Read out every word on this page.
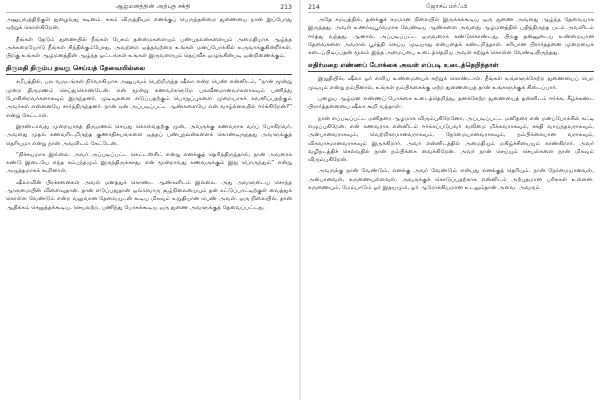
ஆழ்மனத்தின் அற்புத சக்தி	213

அனுபவத்திற்குள் நுழைவது கடினம். சுகம் விருத்தியும் எனக்குப் பெருந்தன்மை துணையை நான் இப்போது ஏற்றுக் கொள்கிறேன்.

நீங்கள் தேடும் துணையில் நீங்கள் பேசும் தன்மைகளையும் பண்புநலன்களையும் அமைதியாக ஆழ்ந்த அக்கறையோடு நீங்கள் சிந்திக்கும்போது, அவற்றை ஒத்தவற்றை உங்கள் மனப்போக்கில் உருவாக்குகின்றீர்கள். பிறகு உங்கள் ஆழ்மனத்தின் ஆழ்ந்த ஓட்டங்கள் உங்கள் இருவரையும் தெய்வீக ஒழுங்கின்படி ஒன்றிணைக்கும்.

திருமதி திரும்ப தவறு செய்யத் தேவையில்லை

சமீபத்தில், பல வருடங்கள் நிர்வாகியாக அனுபவம் பெற்றிருந்த ஷீலா என்ற பெண் என்னிடம், “நான் மூன்று முறை திருமணம் செய்துகொண்டேன். என் மூன்று கணவர்களுமே பலவீனமானவர்களாகவும் பணிந்து போகின்றவர்களாகவும் இருந்தனர். முடிவுகளை எடுப்பதற்கும் பொறுப்புகளை முறையாகக் கவனிப்பதற்கும் அவர்கள் என்னையே சார்ந்திருந்தனர். நான் ஏன் அப்படிப்பட்ட ஆண்களையே என் வாழ்க்கையில் ஈர்க்கிறேன்?” என்று கேட்டாள்.

இரண்டாவது முறையாகத் திருமணம் செய்து கொள்வதற்கு முன், அவருக்கு கணவராக வரப் போகிறவர், அவளது முதல் கணவரிடமிருந்த குணாதிசயங்களை ஒத்தப் பண்புநலன்களைக் கொண்டிருந்தது அவளுக்குத் தெரியுமா என்று நான் அவளிடம் கேட்டேன்.

“நிச்சயமாக இல்லை. அவர் அப்படிப்பட்ட கெட்டஸ்கிட் என்று எனக்குத் தெரிந்திருந்தால், நான் அவரைக் கண்டு இடையே எந்த சம்பந்தமும் இருந்திருக்காது. என் மூன்றாவது கணவருக்கும் இது பொருந்தும்” என்று அழுத்தமாகக் கூறினாள்.

ஷீலாவின் பிரச்சனைகள் அவள் மனத்துக் கொண்ட ஆண்களிடம் இல்லை. அது அவளுடைய சொந்த ஆளுமையின் விளைவுதான். தான் எடுப்பதுதான் ஒவ்வொரு சூழ்நிலையையும் தன் கட்டுப்பாட்டிற்குள் வைத்துக் கொள்ள வேண்டும் என்ற வலுவான தேவையுடன் கூடிய மிகவும் உறுதியான பெண் அவள். ஒரு நிலையில், தான் ஆதிக்கம் செலுத்தக்கூடிய, செயலற்ற, பணிந்து போகக்கூடிய ஒரு துணை அவளுக்குத் தேவைப்பட்டது.

214	ஜோசப் மர்ஃபி

அதே சமயத்தில், தனக்குச் சமமான நிலையில் இருக்கக்கூடிய ஒரு துணை அவளது ஆழ்ந்த தேவையாக இருந்தது. அவள் உணர்வுபூர்வமாக வேண்டிய ஆண்களை அவளது ஆழ்மனத்தில் பதிந்திருந்த படம் அவளிடம் ஈர்த்து வந்தது. ஆனால், அப்படிப்பட்ட ஒருவரைக் கண்டுகொண்டது, பிறகு தன்னுடைய உண்மையான தேவைகளை அவரால் பூர்த்தி செய்ய முடியாது என்பதைக் கண்டறிந்தாள். சரியான பிரார்த்தனை முறையைக் கடைப்பிடிப்பதன் மூலம் இந்த அமைப்பை உடைத்தெறிய அவள் கற்றுக் கொள்ள வேண்டியிருந்தது.

எதிர்மறை எண்ணப் போக்கை அவள் எப்படி உடைத்தெறிந்தாள்

இறுதியில், ஷீலா ஓர் எளிய உண்மையைக் கற்றுக் கொண்டாள். நீங்கள் உங்களுக்கேற்ற துணையைப் பெற முடியும் என்று நம்பினால், உங்கள் நம்பிக்கைக்கு ஏற்ற துணையைத் தான் உங்களுக்குக் கிடைப்பார்.

பழைய ஆழ்மன எண்ணப் போக்கை உடைத்தெறிந்து, தனக்கேற்ற துணையைத் தன்னிடம் ஈர்க்க, கீழ்க்கண்ட பிரார்த்தனையை ஷீலா கூறி வந்தாள்:

நான் எப்படிப்பட்ட மனிதரை ஆழமாக விரும்புகிறேனோ, அப்படிப்பட்ட மனிதரை என் மனப்போக்கில் கட்டி எழுப்புகிறேன். என் கணவராக என்னிடம் ஈர்க்கப்படுபவர் வலிமை மிக்கவராகவும், சக்தி வாய்ந்தவராகவும், அன்பானவராகவும், வெற்றிகரமானவராகவும், நேர்மையானவராகவும், நம்பிக்கையான வராகவும், விசுவாசமானவராகவும் இருக்கிறார். அவர் என்னிடத்தில் அமைதியும் மகிழ்ச்சியையும் காண்கிறார். அவர் வழிநடத்திச் செல்வதில் நான் நம்பிக்கை வைக்கிறேன். அவர் நான் செய்யும் செயல்களை நான் மிகவும் விரும்புகிறேன்.

அவருக்கு நான் வேண்டும், எனக்கு அவர் வேண்டும் என்பது எனக்குத் தெரியும். நான் நேர்மையானவள், அன்பானவள், கருணையுள்ளவள். அவருக்குக் கொடுப்பதற்காக என்னிடம் அற்புதமான பரிசுகள் உள்ளன. கருணையும், மேம்பாடும் ஓர் இதயமும், ஓர் ஆரோக்கியமான உடலும்தான் அவை. அவரும்
